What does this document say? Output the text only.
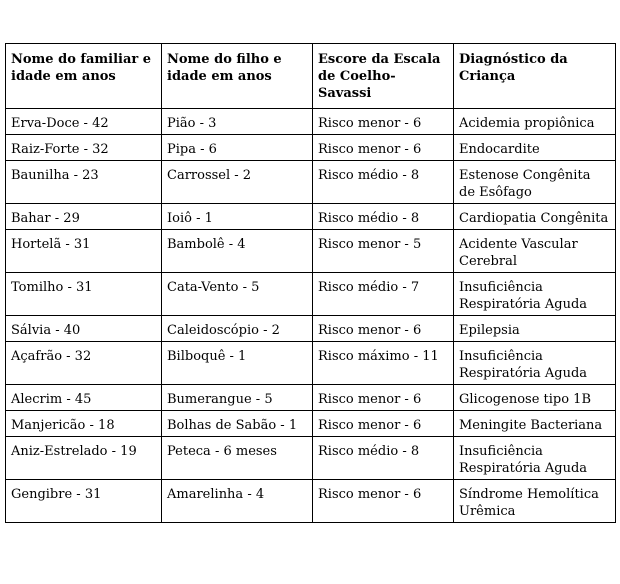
Nome do familiar e idade em anos	Nome do filho e idade em anos	Escore da Escala de Coelho-Savassi	Diagnóstico da Criança
Erva-Doce - 42	Pião - 3	Risco menor - 6	Acidemia propiônica
Raiz-Forte - 32	Pipa - 6	Risco menor - 6	Endocardite
Baunilha - 23	Carrossel - 2	Risco médio - 8	Estenose Congênita de Esôfago
Bahar - 29	Ioiô - 1	Risco médio - 8	Cardiopatia Congênita
Hortelã - 31	Bambolê - 4	Risco menor - 5	Acidente Vascular Cerebral
Tomilho - 31	Cata-Vento - 5	Risco médio - 7	Insuficiência Respiratória Aguda
Sálvia - 40	Caleidoscópio - 2	Risco menor - 6	Epilepsia
Açafrão - 32	Bilboquê - 1	Risco máximo - 11	Insuficiência Respiratória Aguda
Alecrim - 45	Bumerangue - 5	Risco menor - 6	Glicogenose tipo 1B
Manjericão - 18	Bolhas de Sabão - 1	Risco menor - 6	Meningite Bacteriana
Aniz-Estrelado - 19	Peteca - 6 meses	Risco médio - 8	Insuficiência Respiratória Aguda
Gengibre - 31	Amarelinha - 4	Risco menor - 6	Síndrome Hemolítica Urêmica
